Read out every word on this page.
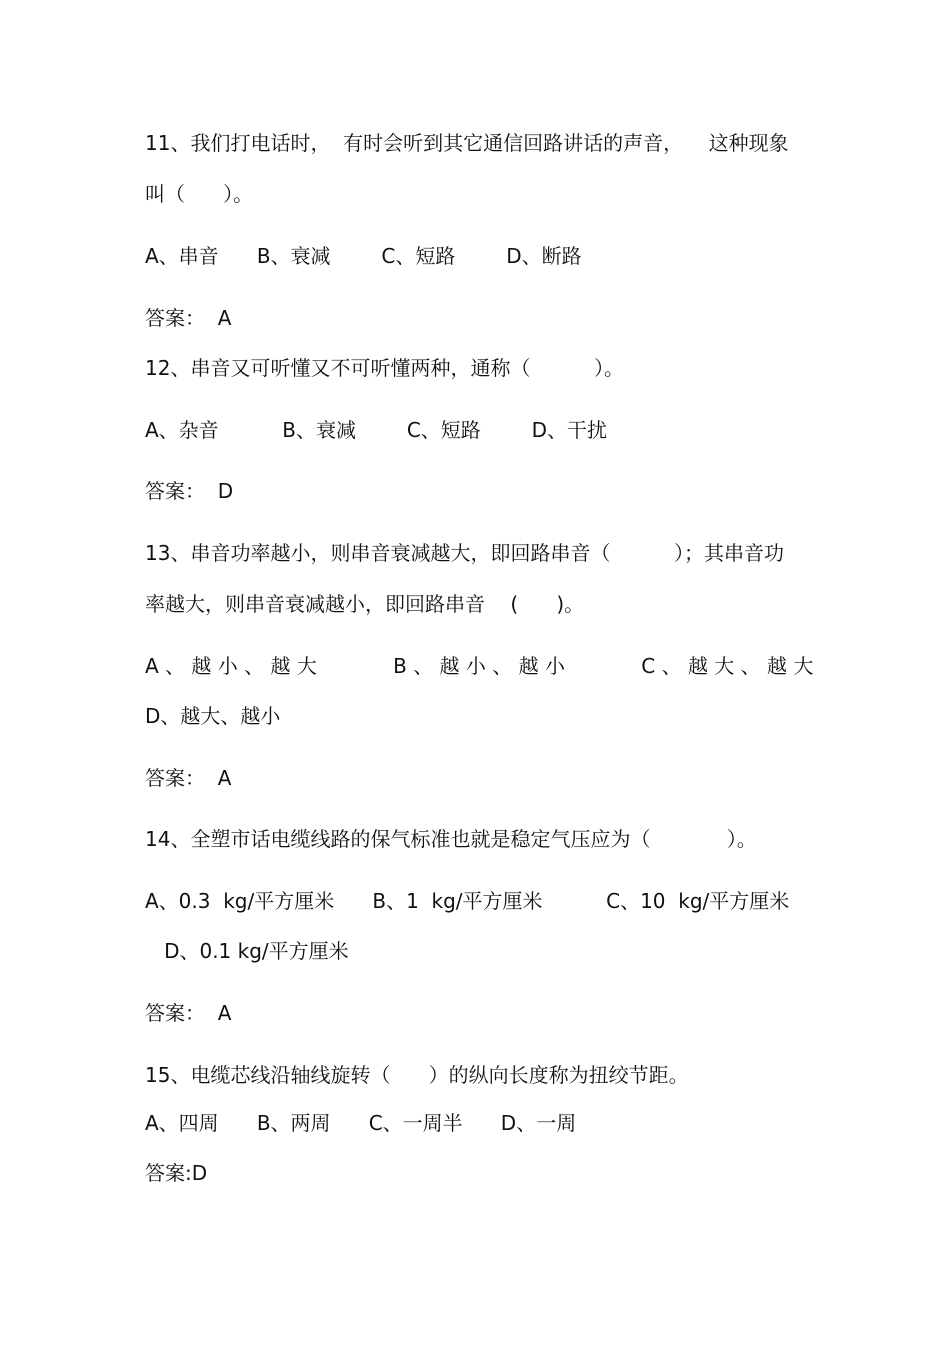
11、我们打电话时，  有时会听到其它通信回路讲话的声音，    这种现象

叫（      ）。

A、串音      B、衰减        C、短路        D、断路

答案：  A

12、串音又可听懂又不可听懂两种，通称（          ）。

A、杂音          B、衰减        C、短路        D、干扰

答案：  D

13、串音功率越小，则串音衰减越大，即回路串音（          ）；其串音功

率越大，则串音衰减越小，即回路串音    (      )。

A 、 越 小 、 越 大            B 、 越 小 、 越 小            C 、 越 大 、 越 大

D、越大、越小

答案：  A

14、全塑市话电缆线路的保气标准也就是稳定气压应为（            ）。

A、0.3  kg/平方厘米      B、1  kg/平方厘米          C、10  kg/平方厘米

D、0.1 kg/平方厘米

答案：  A

15、电缆芯线沿轴线旋转（      ）的纵向长度称为扭绞节距。

A、四周      B、两周      C、一周半      D、一周

答案:D
